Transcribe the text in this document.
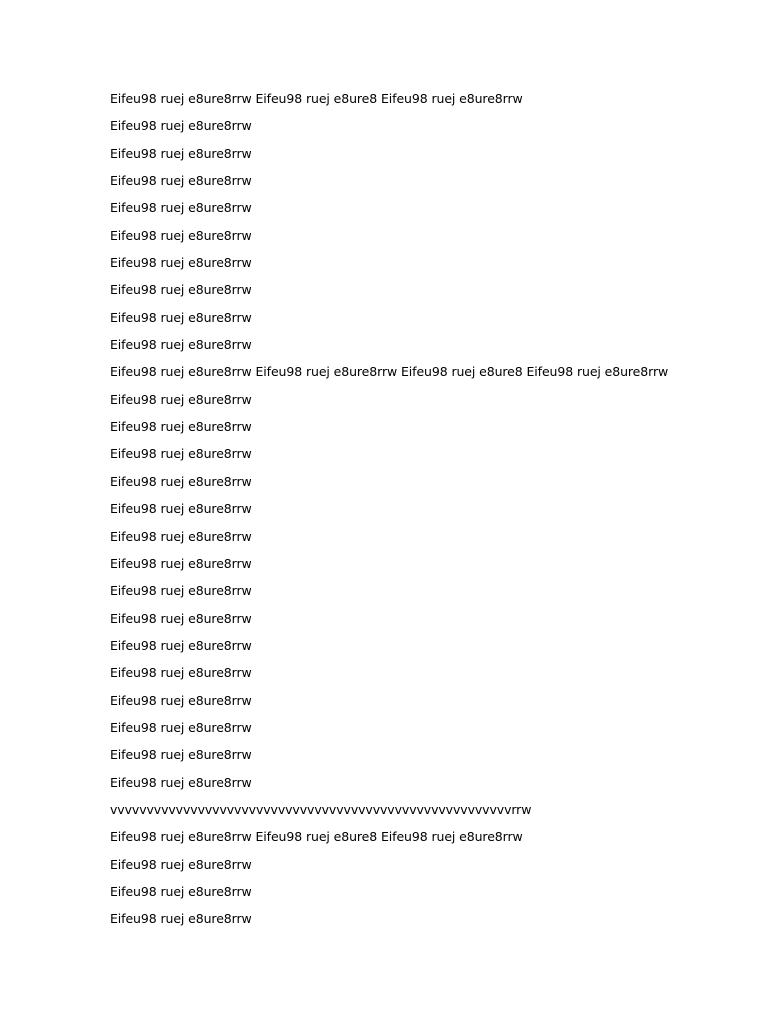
Eifeu98 ruej e8ure8rrw Eifeu98 ruej e8ure8 Eifeu98 ruej e8ure8rrw
Eifeu98 ruej e8ure8rrw
Eifeu98 ruej e8ure8rrw
Eifeu98 ruej e8ure8rrw
Eifeu98 ruej e8ure8rrw
Eifeu98 ruej e8ure8rrw
Eifeu98 ruej e8ure8rrw
Eifeu98 ruej e8ure8rrw
Eifeu98 ruej e8ure8rrw
Eifeu98 ruej e8ure8rrw
Eifeu98 ruej e8ure8rrw Eifeu98 ruej e8ure8rrw Eifeu98 ruej e8ure8 Eifeu98 ruej e8ure8rrw
Eifeu98 ruej e8ure8rrw
Eifeu98 ruej e8ure8rrw
Eifeu98 ruej e8ure8rrw
Eifeu98 ruej e8ure8rrw
Eifeu98 ruej e8ure8rrw
Eifeu98 ruej e8ure8rrw
Eifeu98 ruej e8ure8rrw
Eifeu98 ruej e8ure8rrw
Eifeu98 ruej e8ure8rrw
Eifeu98 ruej e8ure8rrw
Eifeu98 ruej e8ure8rrw
Eifeu98 ruej e8ure8rrw
Eifeu98 ruej e8ure8rrw
Eifeu98 ruej e8ure8rrw
Eifeu98 ruej e8ure8rrw
vvvvvvvvvvvvvvvvvvvvvvvvvvvvvvvvvvvvvvvvvvvvvvvvvvvvvvvrrw
Eifeu98 ruej e8ure8rrw Eifeu98 ruej e8ure8 Eifeu98 ruej e8ure8rrw
Eifeu98 ruej e8ure8rrw
Eifeu98 ruej e8ure8rrw
Eifeu98 ruej e8ure8rrw
